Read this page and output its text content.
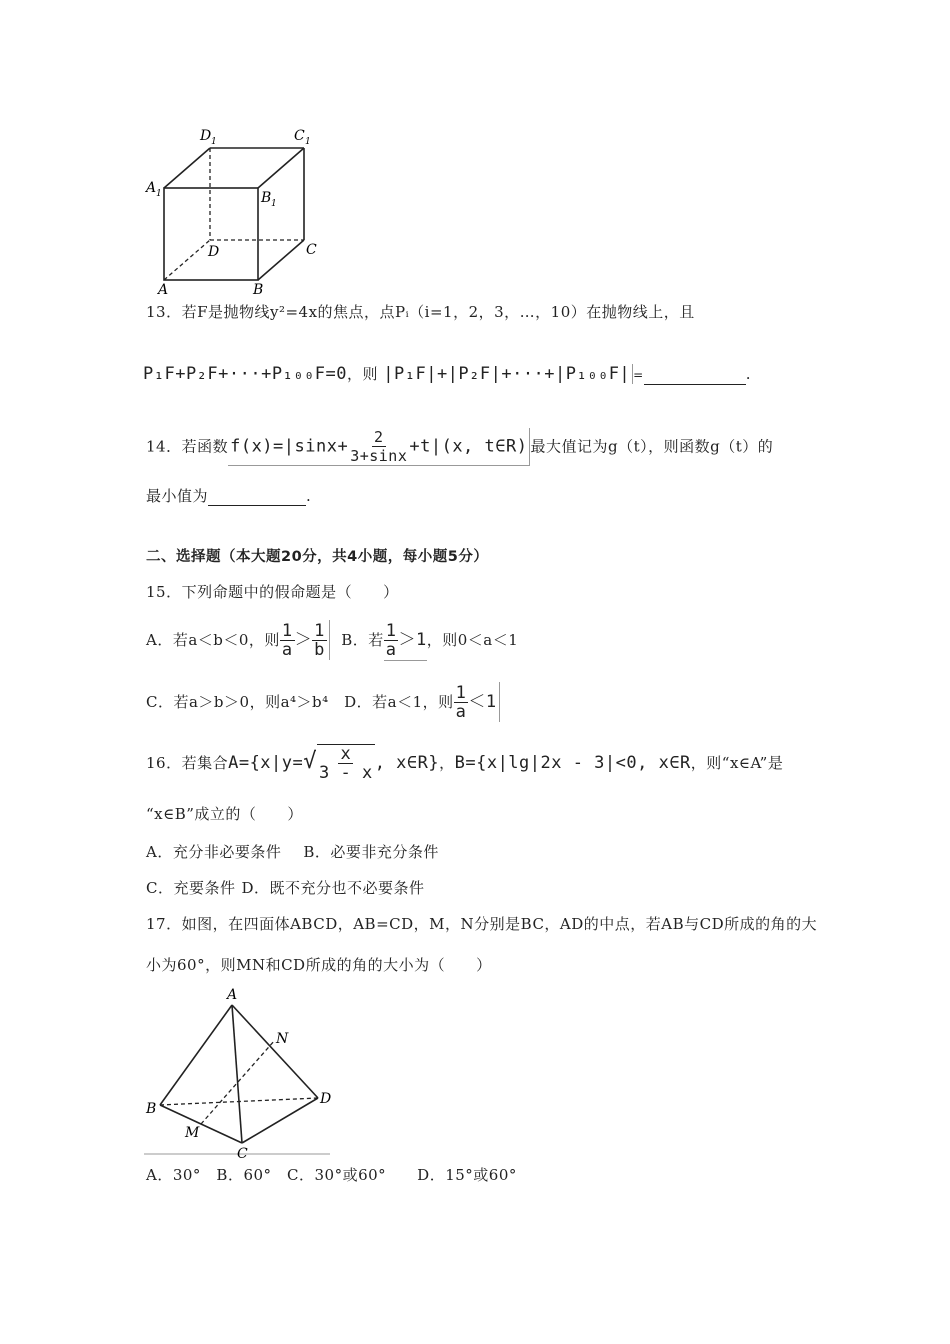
D 1	C 1
A 1	B 1
D	C
A	B
13．若F是抛物线y²=4x的焦点，点Pᵢ（i=1，2，3，…，10）在抛物线上，且
P₁F+P₂F+···+P₁₀₀F=0，则 |P₁F|+|P₂F|+···+|P₁₀₀F| =	.
14．若函数 $f(x)=|\sin x+ \frac{2}{3+\sin x} +t|(x$, t∈R) 最大值记为g（t），则函数g（t）的
最小值为	.
二、选择题（本大题20分，共4小题，每小题5分）
15．下列命题中的假命题是（　　）
A．若a＜b＜0，则 $\frac{1}{a} > \frac{1}{b}$ B．若 $\frac{1}{a} >1$，则0＜a＜1
C．若a＞b＞0，则a⁴＞b⁴　D．若a＜1，则 $\frac{1}{a} <1$
16．若集合$A=\{x|y=√ \frac{x}{3 - x}$ , x∈R}，B={x|lg|2x - 3|<0, x∈R，则“x∈A”是
“x∈B”成立的（　　）
A．充分非必要条件 B．必要非充分条件
C．充要条件 D．既不充分也不必要条件
17．如图，在四面体ABCD，AB=CD，M，N分别是BC，AD的中点，若AB与CD所成的角的大
小为60°，则MN和CD所成的角的大小为（　　）
A
N
B
D
M
C
A．30°　B．60°　C．30°或60°　　D．15°或60°
